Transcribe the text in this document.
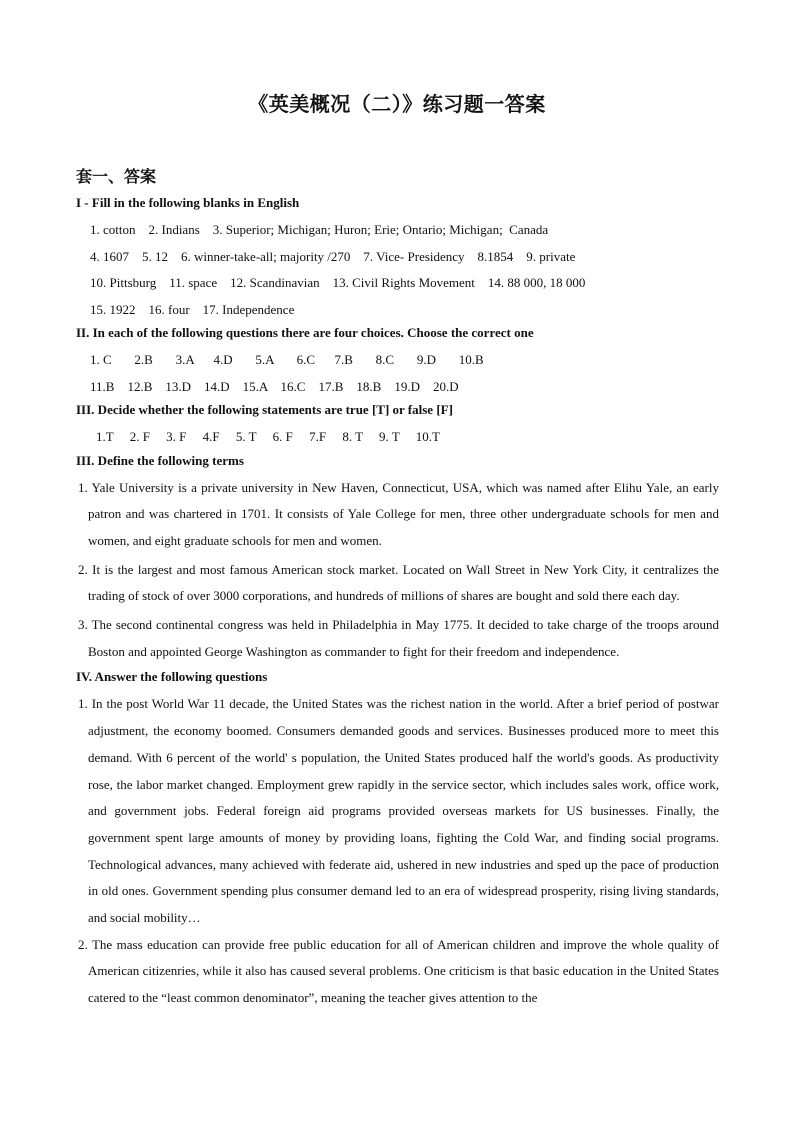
《英美概况（二）》练习题一答案
套一、答案
I - Fill in the following blanks in English
1. cotton    2. Indians    3. Superior; Michigan; Huron; Erie; Ontario; Michigan;  Canada
4. 1607    5. 12    6. winner-take-all; majority /270    7. Vice- Presidency    8.1854    9. private
10. Pittsburg    11. space    12. Scandinavian    13. Civil Rights Movement    14. 88 000, 18 000
15. 1922    16. four    17. Independence
II. In each of the following questions there are four choices. Choose the correct one
1. C       2.B       3.A      4.D       5.A       6.C      7.B       8.C       9.D       10.B
11.B    12.B    13.D    14.D    15.A    16.C    17.B    18.B    19.D    20.D
III. Decide whether the following statements are true [T] or false [F]
1.T     2. F     3. F     4.F     5. T     6. F     7.F     8. T     9. T     10.T
III. Define the following terms

1. Yale University is a private university in New Haven, Connecticut, USA, which was named after Elihu Yale, an early patron and was chartered in 1701. It consists of Yale College for men, three other undergraduate schools for men and women, and eight graduate schools for men and women.

2. It is the largest and most famous American stock market. Located on Wall Street in New York City, it centralizes the trading of stock of over 3000 corporations, and hundreds of millions of shares are bought and sold there each day.

3. The second continental congress was held in Philadelphia in May 1775. It decided to take charge of the troops around Boston and appointed George Washington as commander to fight for their freedom and independence.

IV. Answer the following questions

1. In the post World War 11 decade, the United States was the richest nation in the world. After a brief period of postwar adjustment, the economy boomed. Consumers demanded goods and services. Businesses produced more to meet this demand. With 6 percent of the world' s population, the United States produced half the world's goods. As productivity rose, the labor market changed. Employment grew rapidly in the service sector, which includes sales work, office work, and government jobs. Federal foreign aid programs provided overseas markets for US businesses. Finally, the government spent large amounts of money by providing loans, fighting the Cold War, and finding social programs. Technological advances, many achieved with federate aid, ushered in new industries and sped up the pace of production in old ones. Government spending plus consumer demand led to an era of widespread prosperity, rising living standards, and social mobility…

2. The mass education can provide free public education for all of American children and improve the whole quality of American citizenries, while it also has caused several problems. One criticism is that basic education in the United States catered to the “least common denominator”, meaning the teacher gives attention to the
